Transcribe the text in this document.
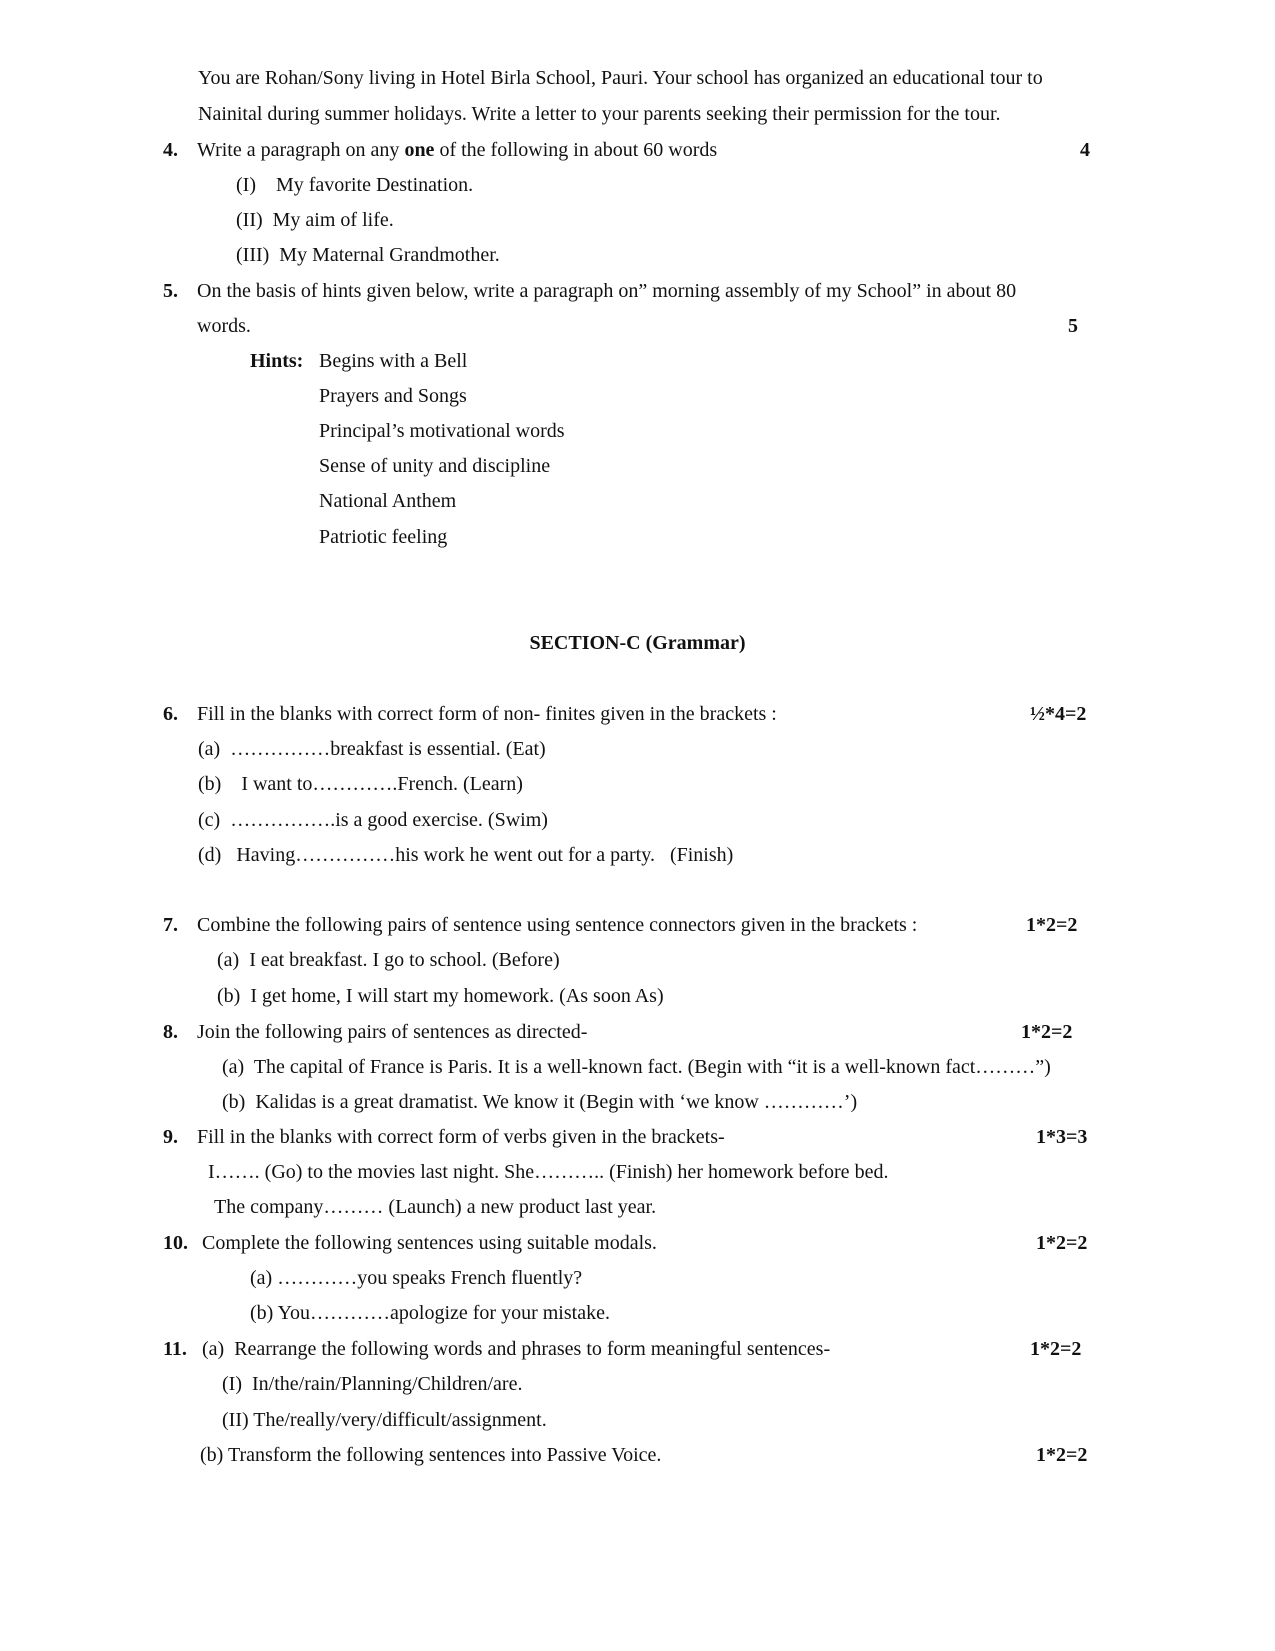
You are Rohan/Sony living in Hotel Birla School, Pauri. Your school has organized an educational tour to
Nainital during summer holidays. Write a letter to your parents seeking their permission for the tour.
4. Write a paragraph on any one of the following in about 60 words	4
(I)    My favorite Destination.
(II)  My aim of life.
(III)  My Maternal Grandmother.
5. On the basis of hints given below, write a paragraph on” morning assembly of my School” in about 80
words.	5
Hints: Begins with a Bell
Prayers and Songs
Principal’s motivational words
Sense of unity and discipline
National Anthem
Patriotic feeling
SECTION-C (Grammar)
6. Fill in the blanks with correct form of non- finites given in the brackets :	½*4=2
(a)  ……………breakfast is essential. (Eat)
(b)    I want to………….French. (Learn)
(c)  …………….is a good exercise. (Swim)
(d)   Having……………his work he went out for a party.   (Finish)
7. Combine the following pairs of sentence using sentence connectors given in the brackets :	1*2=2
(a)  I eat breakfast. I go to school. (Before)
(b)  I get home, I will start my homework. (As soon As)
8. Join the following pairs of sentences as directed-	1*2=2
(a)  The capital of France is Paris. It is a well-known fact. (Begin with “it is a well-known fact………”)
(b)  Kalidas is a great dramatist. We know it (Begin with ‘we know …………’)
9. Fill in the blanks with correct form of verbs given in the brackets-	1*3=3
I……. (Go) to the movies last night. She……….. (Finish) her homework before bed.
The company……… (Launch) a new product last year.
10. Complete the following sentences using suitable modals.	1*2=2
(a) …………you speaks French fluently?
(b) You…………apologize for your mistake.
11. (a)  Rearrange the following words and phrases to form meaningful sentences-	1*2=2
(I)  In/the/rain/Planning/Children/are.
(II) The/really/very/difficult/assignment.
(b) Transform the following sentences into Passive Voice.	1*2=2
